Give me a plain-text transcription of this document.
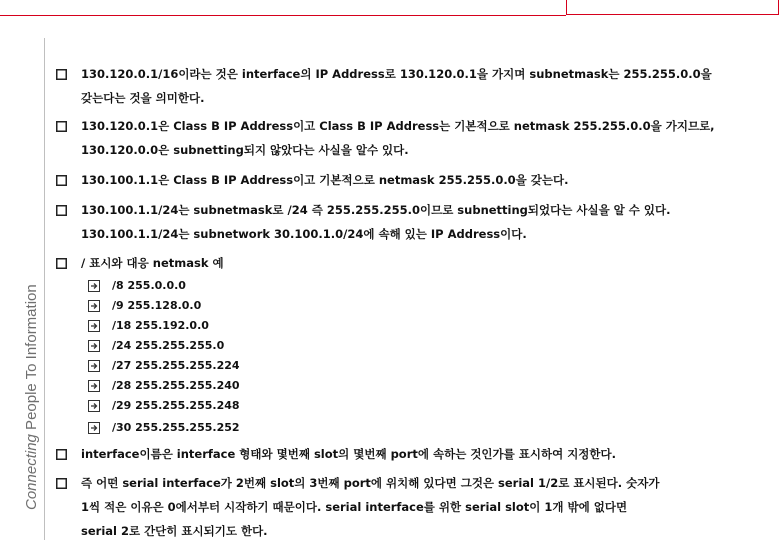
Connecting People To Information
130.120.0.1/16이라는 것은 interface의 IP Address로 130.120.0.1을 가지며 subnetmask는 255.255.0.0을
갖는다는 것을 의미한다.
130.120.0.1은 Class B IP Address이고 Class B IP Address는 기본적으로 netmask 255.255.0.0을 가지므로,
130.120.0.0은 subnetting되지 않았다는 사실을 알수 있다.
130.100.1.1은 Class B IP Address이고 기본적으로 netmask 255.255.0.0을 갖는다.
130.100.1.1/24는 subnetmask로 /24 즉 255.255.255.0이므로 subnetting되었다는 사실을 알 수 있다.
130.100.1.1/24는 subnetwork 30.100.1.0/24에 속해 있는 IP Address이다.
/ 표시와 대응 netmask 예
/8 255.0.0.0
/9 255.128.0.0
/18 255.192.0.0
/24 255.255.255.0
/27 255.255.255.224
/28 255.255.255.240
/29 255.255.255.248
/30 255.255.255.252
interface이름은 interface 형태와 몇번째 slot의 몇번째 port에 속하는 것인가를 표시하여 지정한다.
즉 어떤 serial interface가 2번째 slot의 3번째 port에 위치해 있다면 그것은 serial 1/2로 표시된다. 숫자가
1씩 적은 이유은 0에서부터 시작하기 때문이다. serial interface를 위한 serial slot이 1개 밖에 없다면
serial 2로 간단히 표시되기도 한다.
